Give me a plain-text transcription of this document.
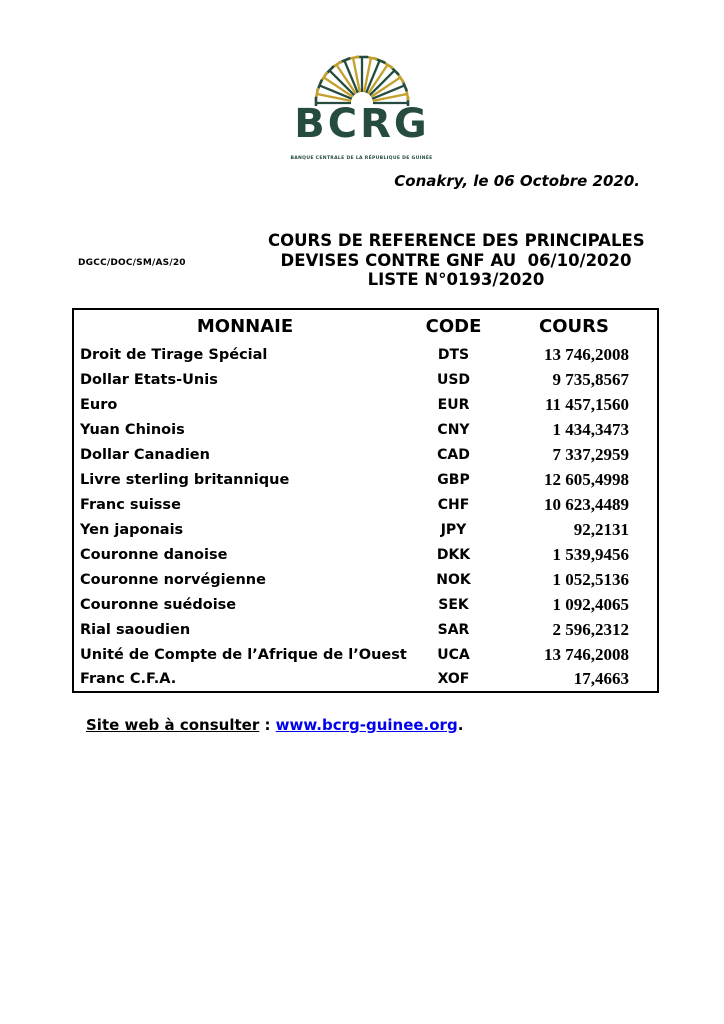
BCRG
BANQUE CENTRALE DE LA RÉPUBLIQUE DE GUINÉE
Conakry, le 06 Octobre 2020.
DGCC/DOC/SM/AS/20
COURS DE REFERENCE DES PRINCIPALES
DEVISES CONTRE GNF AU  06/10/2020
LISTE N°0193/2020
MONNAIE	CODE	COURS
Droit de Tirage Spécial	DTS	13 746,2008
Dollar Etats-Unis	USD	9 735,8567
Euro	EUR	11 457,1560
Yuan Chinois	CNY	1 434,3473
Dollar Canadien	CAD	7 337,2959
Livre sterling britannique	GBP	12 605,4998
Franc suisse	CHF	10 623,4489
Yen japonais	JPY	92,2131
Couronne danoise	DKK	1 539,9456
Couronne norvégienne	NOK	1 052,5136
Couronne suédoise	SEK	1 092,4065
Rial saoudien	SAR	2 596,2312
Unité de Compte de l’Afrique de l’Ouest	UCA	13 746,2008
Franc C.F.A.	XOF	17,4663
Site web à consulter : www.bcrg-guinee.org.
